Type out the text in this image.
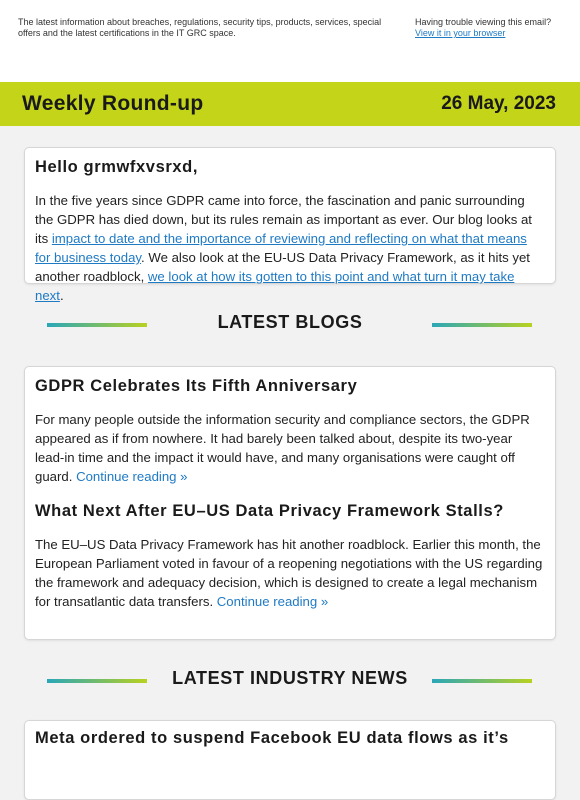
The latest information about breaches, regulations, security tips, products, services, special offers and the latest certifications in the IT GRC space.
Having trouble viewing this email?
View it in your browser
Weekly Round-up	26 May, 2023
Hello grmwfxvsrxd,

In the five years since GDPR came into force, the fascination and panic surrounding the GDPR has died down, but its rules remain as important as ever. Our blog looks at its impact to date and the importance of reviewing and reflecting on what that means for business today. We also look at the EU-US Data Privacy Framework, as it hits yet another roadblock, we look at how its gotten to this point and what turn it may take next.

LATEST BLOGS
GDPR Celebrates Its Fifth Anniversary

For many people outside the information security and compliance sectors, the GDPR appeared as if from nowhere. It had barely been talked about, despite its two-year lead-in time and the impact it would have, and many organisations were caught off guard. Continue reading »

What Next After EU–US Data Privacy Framework Stalls?

The EU–US Data Privacy Framework has hit another roadblock. Earlier this month, the European Parliament voted in favour of a reopening negotiations with the US regarding the framework and adequacy decision, which is designed to create a legal mechanism for transatlantic data transfers. Continue reading »

LATEST INDUSTRY NEWS
Meta ordered to suspend Facebook EU data flows as it’s
